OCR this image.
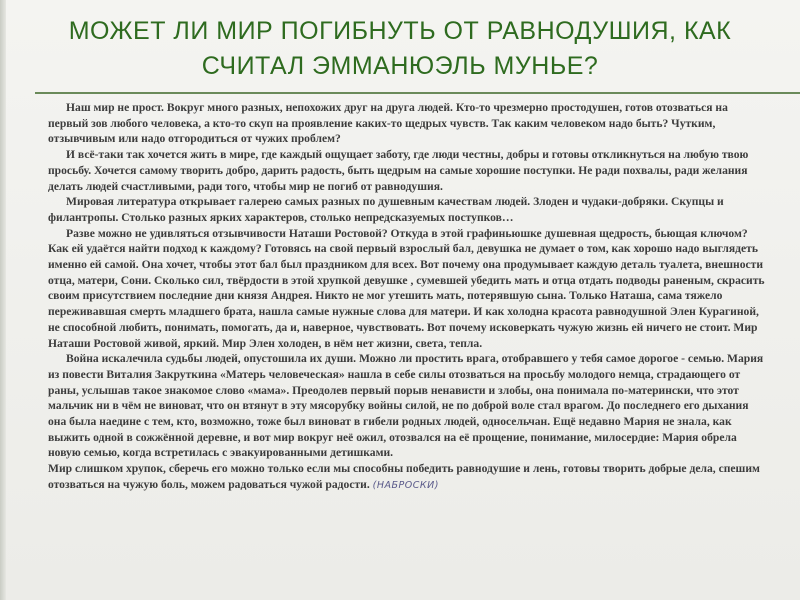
МОЖЕТ ЛИ МИР ПОГИБНУТЬ ОТ РАВНОДУШИЯ, КАК СЧИТАЛ ЭММАНЮЭЛЬ МУНЬЕ?

Наш мир не прост. Вокруг много разных, непохожих друг на друга людей. Кто-то чрезмерно простодушен, готов отозваться на первый зов любого человека, а кто-то скуп на проявление каких-то щедрых чувств. Так каким человеком надо быть? Чутким, отзывчивым или надо отгородиться от чужих проблем?

И всё-таки так хочется жить в мире, где каждый ощущает заботу, где люди честны, добры и готовы откликнуться на любую твою просьбу. Хочется самому творить добро, дарить радость, быть щедрым на самые хорошие поступки. Не ради похвалы, ради желания делать людей счастливыми, ради того, чтобы мир не погиб от равнодушия.

Мировая литература открывает галерею самых разных по душевным качествам людей. Злоден и чудаки-добряки. Скупцы и филантропы. Столько разных ярких характеров, столько непредсказуемых поступков…

Разве можно не удивляться отзывчивости Наташи Ростовой? Откуда в этой графиньюшке душевная щедрость, бьющая ключом? Как ей удаётся найти подход к каждому? Готовясь на свой первый взрослый бал, девушка не думает о том, как хорошо надо выглядеть именно ей самой. Она хочет, чтобы этот бал был праздником для всех. Вот почему она продумывает каждую деталь туалета, внешности отца, матери, Сони. Сколько сил, твёрдости в этой хрупкой девушке , сумевшей убедить мать и отца отдать подводы раненым, скрасить своим присутствием последние дни князя Андрея. Никто не мог утешить мать, потерявшую сына. Только Наташа, сама тяжело переживавшая смерть младшего брата, нашла самые нужные слова для матери. И как холодна красота равнодушной Элен Курагиной, не способной любить, понимать, помогать, да и, наверное, чувствовать. Вот почему исковеркать чужую жизнь ей ничего не стоит. Мир Наташи Ростовой живой, яркий. Мир Элен холоден, в нём нет жизни, света, тепла.

Война искалечила судьбы людей, опустошила их души. Можно ли простить врага, отобравшего у тебя самое дорогое - семью. Мария из повести Виталия Закруткина «Матерь человеческая» нашла в себе силы отозваться на просьбу молодого немца, страдающего от раны, услышав такое знакомое слово «мама». Преодолев первый порыв ненависти и злобы, она понимала по-матерински, что этот мальчик ни в чём не виноват, что он втянут в эту мясорубку войны силой, не по доброй воле стал врагом. До последнего его дыхания она была наедине с тем, кто, возможно, тоже был виноват в гибели родных людей, односельчан. Ещё недавно Мария не знала, как выжить одной в сожжённой деревне, и вот мир вокруг неё ожил, отозвался на её прощение, понимание, милосердие: Мария обрела новую семью, когда встретилась с эвакуированными детишками.

Мир слишком хрупок, сберечь его можно только если мы способны победить равнодушие и лень, готовы творить добрые дела, спешим отозваться на чужую боль, можем радоваться чужой радости. (НАБРОСКИ)
